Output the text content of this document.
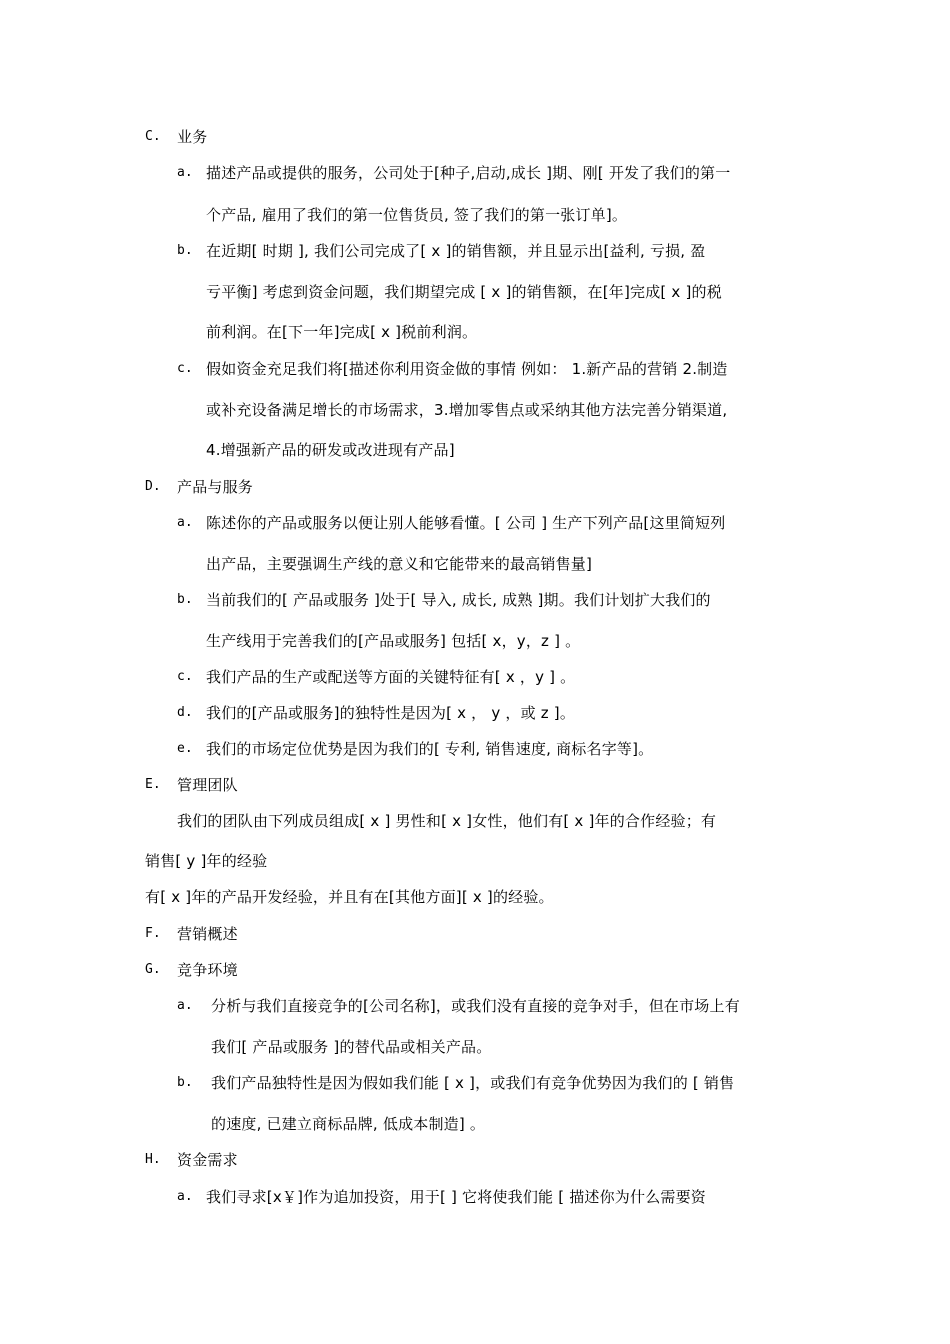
C. 业务
a. 描述产品或提供的服务，公司处于[种子,启动,成长 ]期、刚[ 开发了我们的第一
个产品, 雇用了我们的第一位售货员, 签了我们的第一张订单]。
b. 在近期[ 时期 ], 我们公司完成了[ x ]的销售额，并且显示出[益利, 亏损, 盈
亏平衡] 考虑到资金问题，我们期望完成 [ x ]的销售额，在[年]完成[ x ]的税
前利润。在[下一年]完成[ x ]税前利润。
c. 假如资金充足我们将[描述你利用资金做的事情 例如： 1.新产品的营销 2.制造
或补充设备满足增长的市场需求，3.增加零售点或采纳其他方法完善分销渠道,
4.增强新产品的研发或改进现有产品]
D. 产品与服务
a. 陈述你的产品或服务以便让别人能够看懂。[ 公司 ] 生产下列产品[这里简短列
出产品，主要强调生产线的意义和它能带来的最高销售量]
b. 当前我们的[ 产品或服务 ]处于[ 导入, 成长, 成熟 ]期。我们计划扩大我们的
生产线用于完善我们的[产品或服务] 包括[ x，y，z ] 。
c. 我们产品的生产或配送等方面的关键特征有[ x ，y ] 。
d. 我们的[产品或服务]的独特性是因为[ x ， y ，或 z ]。
e. 我们的市场定位优势是因为我们的[ 专利, 销售速度, 商标名字等]。
E. 管理团队
我们的团队由下列成员组成[ x ] 男性和[ x ]女性，他们有[ x ]年的合作经验；有
销售[ y ]年的经验
有[ x ]年的产品开发经验，并且有在[其他方面][ x ]的经验。
F. 营销概述
G. 竞争环境
a. 分析与我们直接竞争的[公司名称]，或我们没有直接的竞争对手，但在市场上有
我们[ 产品或服务 ]的替代品或相关产品。
b. 我们产品独特性是因为假如我们能 [ x ]，或我们有竞争优势因为我们的 [ 销售
的速度, 已建立商标品牌, 低成本制造] 。
H. 资金需求
a. 我们寻求[x￥]作为追加投资，用于[ ] 它将使我们能 [ 描述你为什么需要资
